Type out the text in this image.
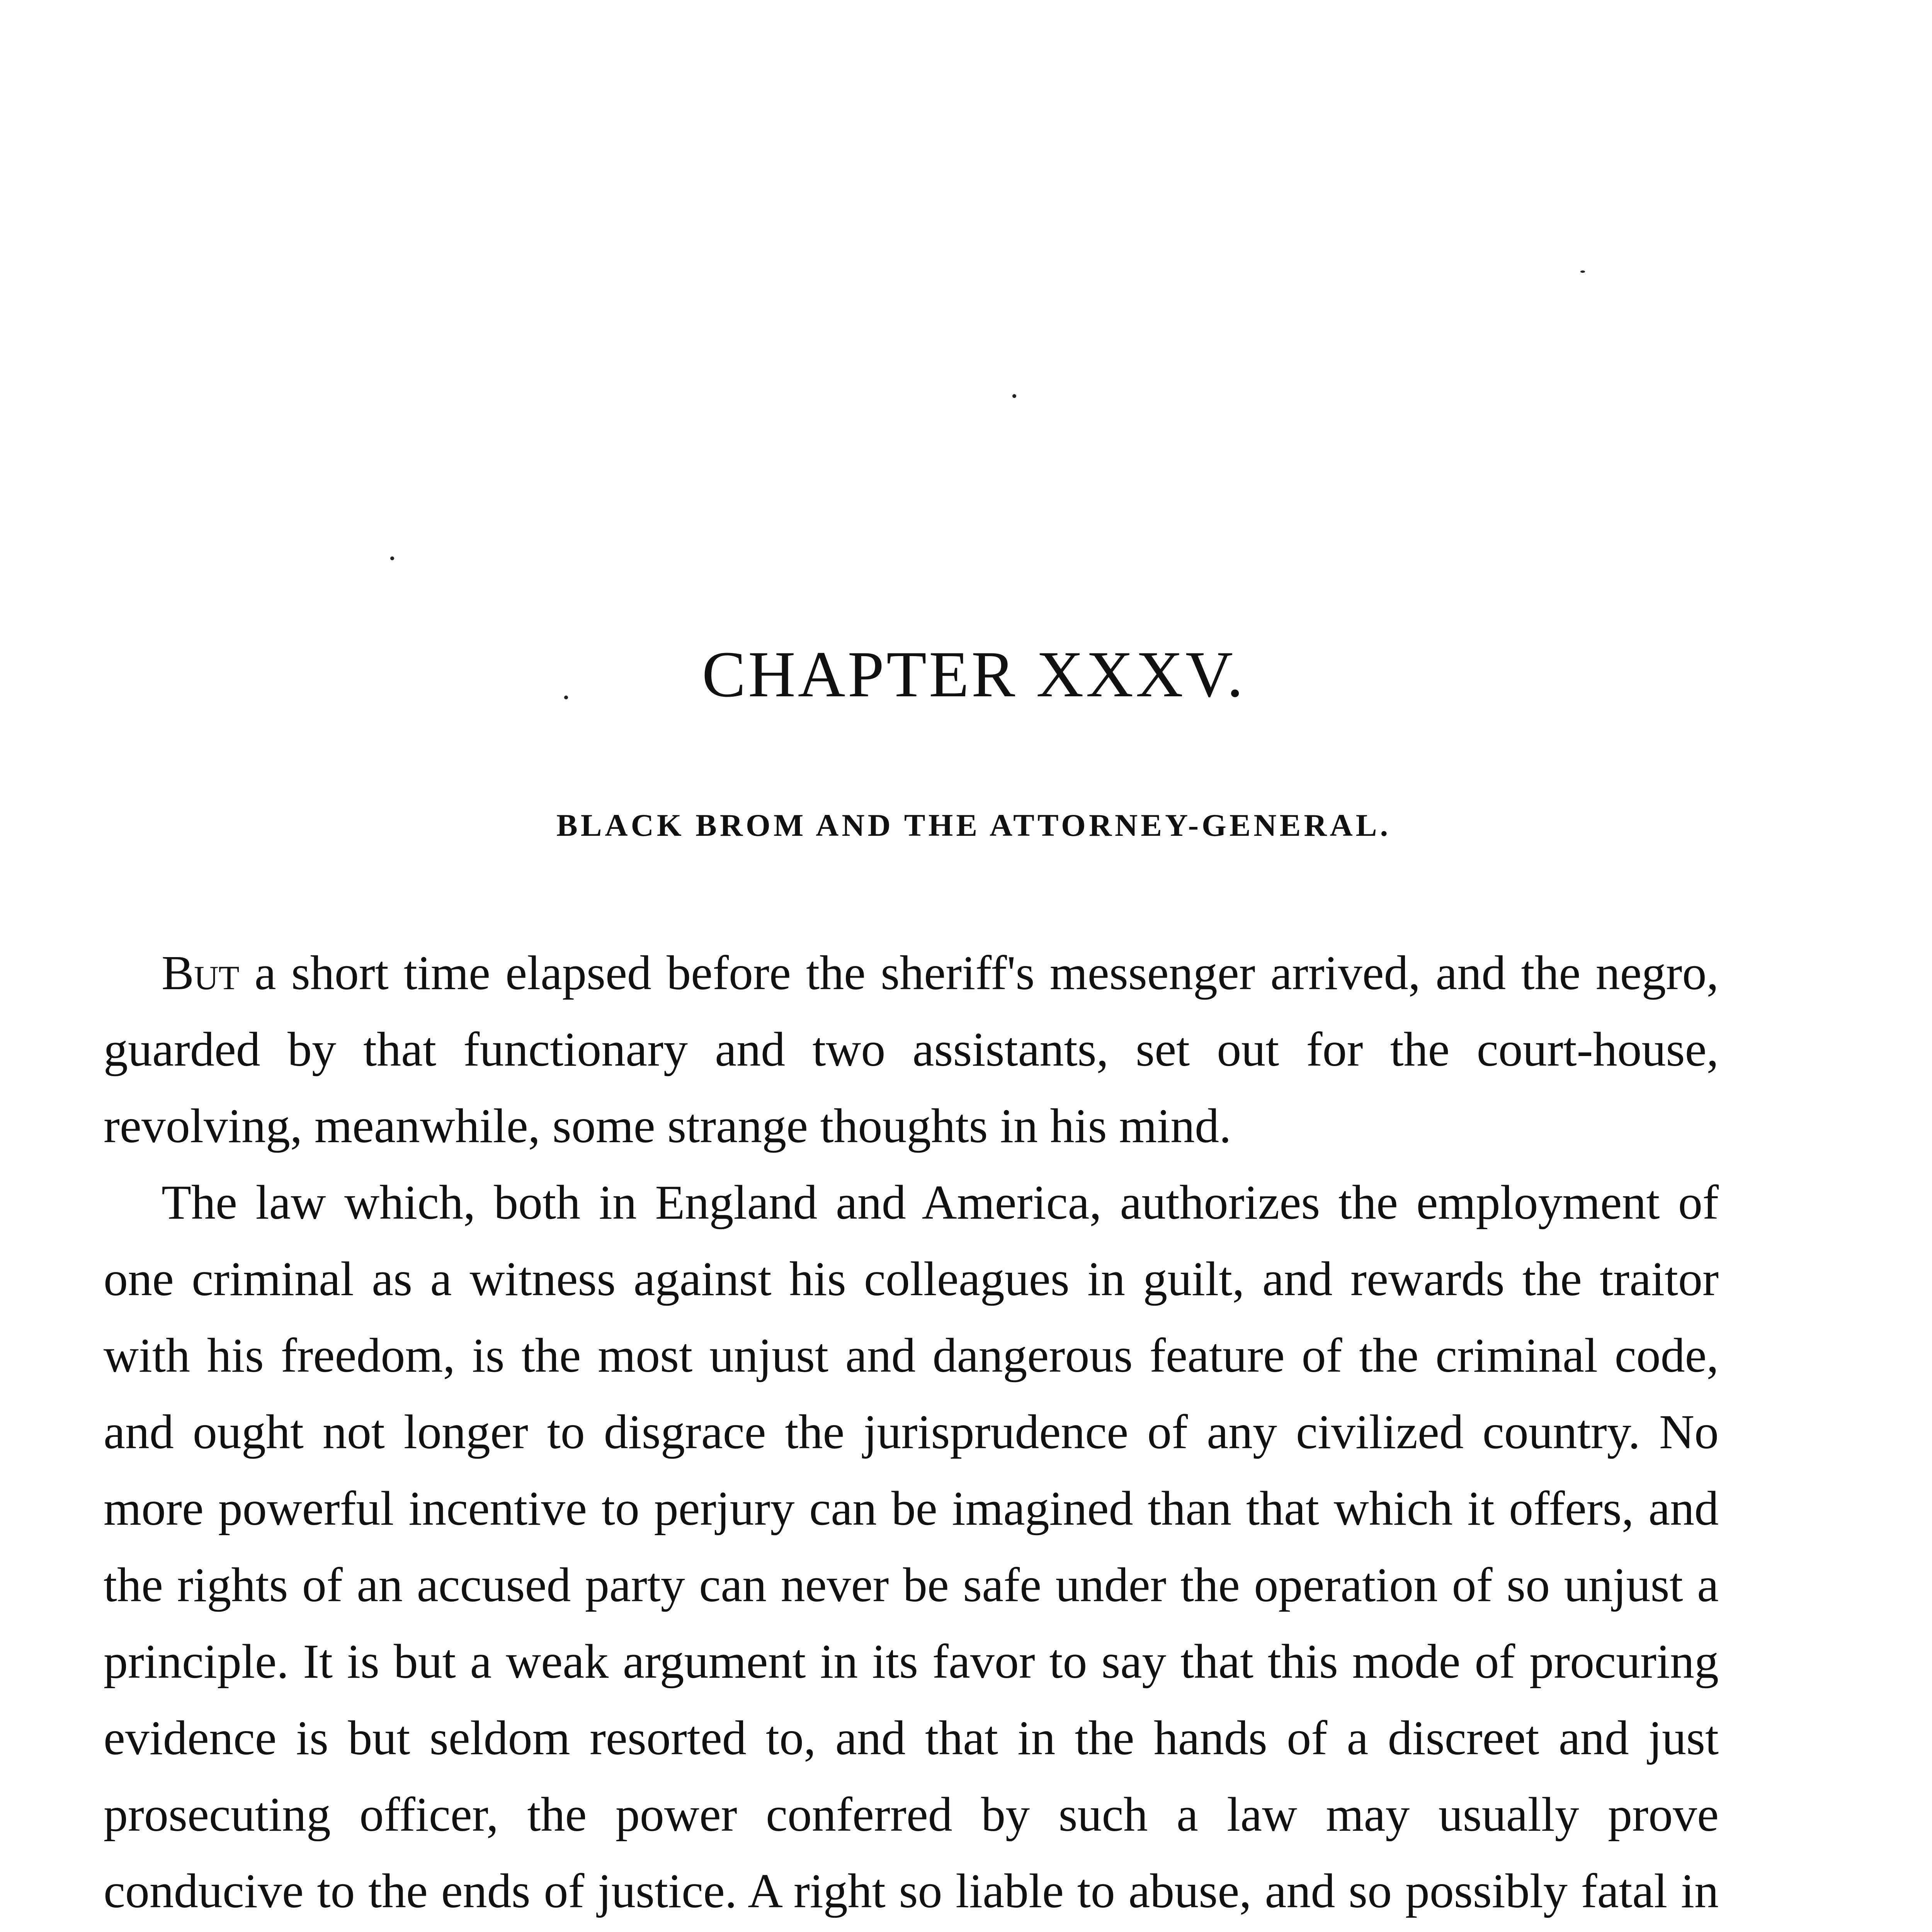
CHAPTER XXXV.
BLACK BROM AND THE ATTORNEY-GENERAL.

But a short time elapsed before the sheriff's messenger arrived, and the negro, guarded by that functionary and two assistants, set out for the court-house, revolving, meanwhile, some strange thoughts in his mind.

The law which, both in England and America, authorizes the employment of one criminal as a witness against his colleagues in guilt, and rewards the traitor with his freedom, is the most unjust and dangerous feature of the criminal code, and ought not longer to disgrace the jurisprudence of any civilized country. No more powerful incentive to perjury can be imagined than that which it offers, and the rights of an accused party can never be safe under the operation of so unjust a principle. It is but a weak argument in its favor to say that this mode of procuring evidence is but seldom resorted to, and that in the hands of a discreet and just prosecuting officer, the power conferred by such a law may usually prove conducive to the ends of justice. A right so liable to abuse, and so possibly fatal in
